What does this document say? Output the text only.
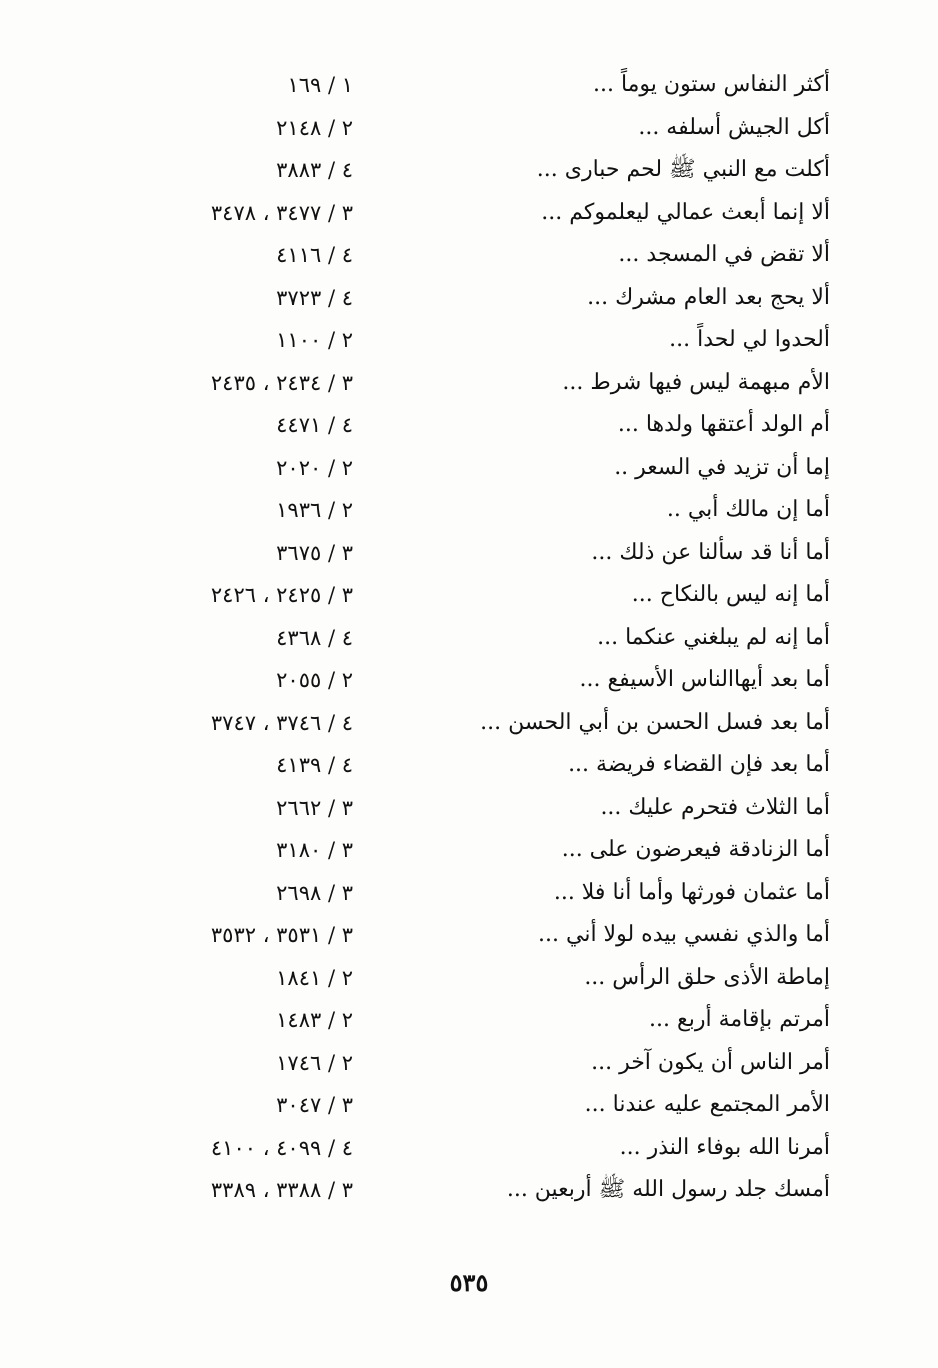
أكثر النفاس ستون يوماً ...
١ / ١٦٩
أكل الجيش أسلفه ...
٢ / ٢١٤٨
أكلت مع النبي ﷺ لحم حبارى ...
٤ / ٣٨٨٣
ألا إنما أبعث عمالي ليعلموكم ...
٣ / ٣٤٧٧ ، ٣٤٧٨
ألا تقض في المسجد ...
٤ / ٤١١٦
ألا يحج بعد العام مشرك ...
٤ / ٣٧٢٣
ألحدوا لي لحداً ...
٢ / ١١٠٠
الأم مبهمة ليس فيها شرط ...
٣ / ٢٤٣٤ ، ٢٤٣٥
أم الولد أعتقها ولدها ...
٤ / ٤٤٧١
إما أن تزيد في السعر ..
٢ / ٢٠٢٠
أما إن مالك أبي ..
٢ / ١٩٣٦
أما أنا قد سألنا عن ذلك ...
٣ / ٣٦٧٥
أما إنه ليس بالنكاح ...
٣ / ٢٤٢٥ ، ٢٤٢٦
أما إنه لم يبلغني عنكما ...
٤ / ٤٣٦٨
أما بعد أيهاالناس الأسيفع ...
٢ / ٢٠٥٥
أما بعد فسل الحسن بن أبي الحسن ...
٤ / ٣٧٤٦ ، ٣٧٤٧
أما بعد فإن القضاء فريضة ...
٤ / ٤١٣٩
أما الثلاث فتحرم عليك ...
٣ / ٢٦٦٢
أما الزنادقة فيعرضون على ...
٣ / ٣١٨٠
أما عثمان فورثها وأما أنا فلا ...
٣ / ٢٦٩٨
أما والذي نفسي بيده لولا أني ...
٣ / ٣٥٣١ ، ٣٥٣٢
إماطة الأذى حلق الرأس ...
٢ / ١٨٤١
أمرتم بإقامة أربع ...
٢ / ١٤٨٣
أمر الناس أن يكون آخر ...
٢ / ١٧٤٦
الأمر المجتمع عليه عندنا ...
٣ / ٣٠٤٧
أمرنا الله بوفاء النذر ...
٤ / ٤٠٩٩ ، ٤١٠٠
أمسك جلد رسول الله ﷺ أربعين ...
٣ / ٣٣٨٨ ، ٣٣٨٩
٥٣٥
